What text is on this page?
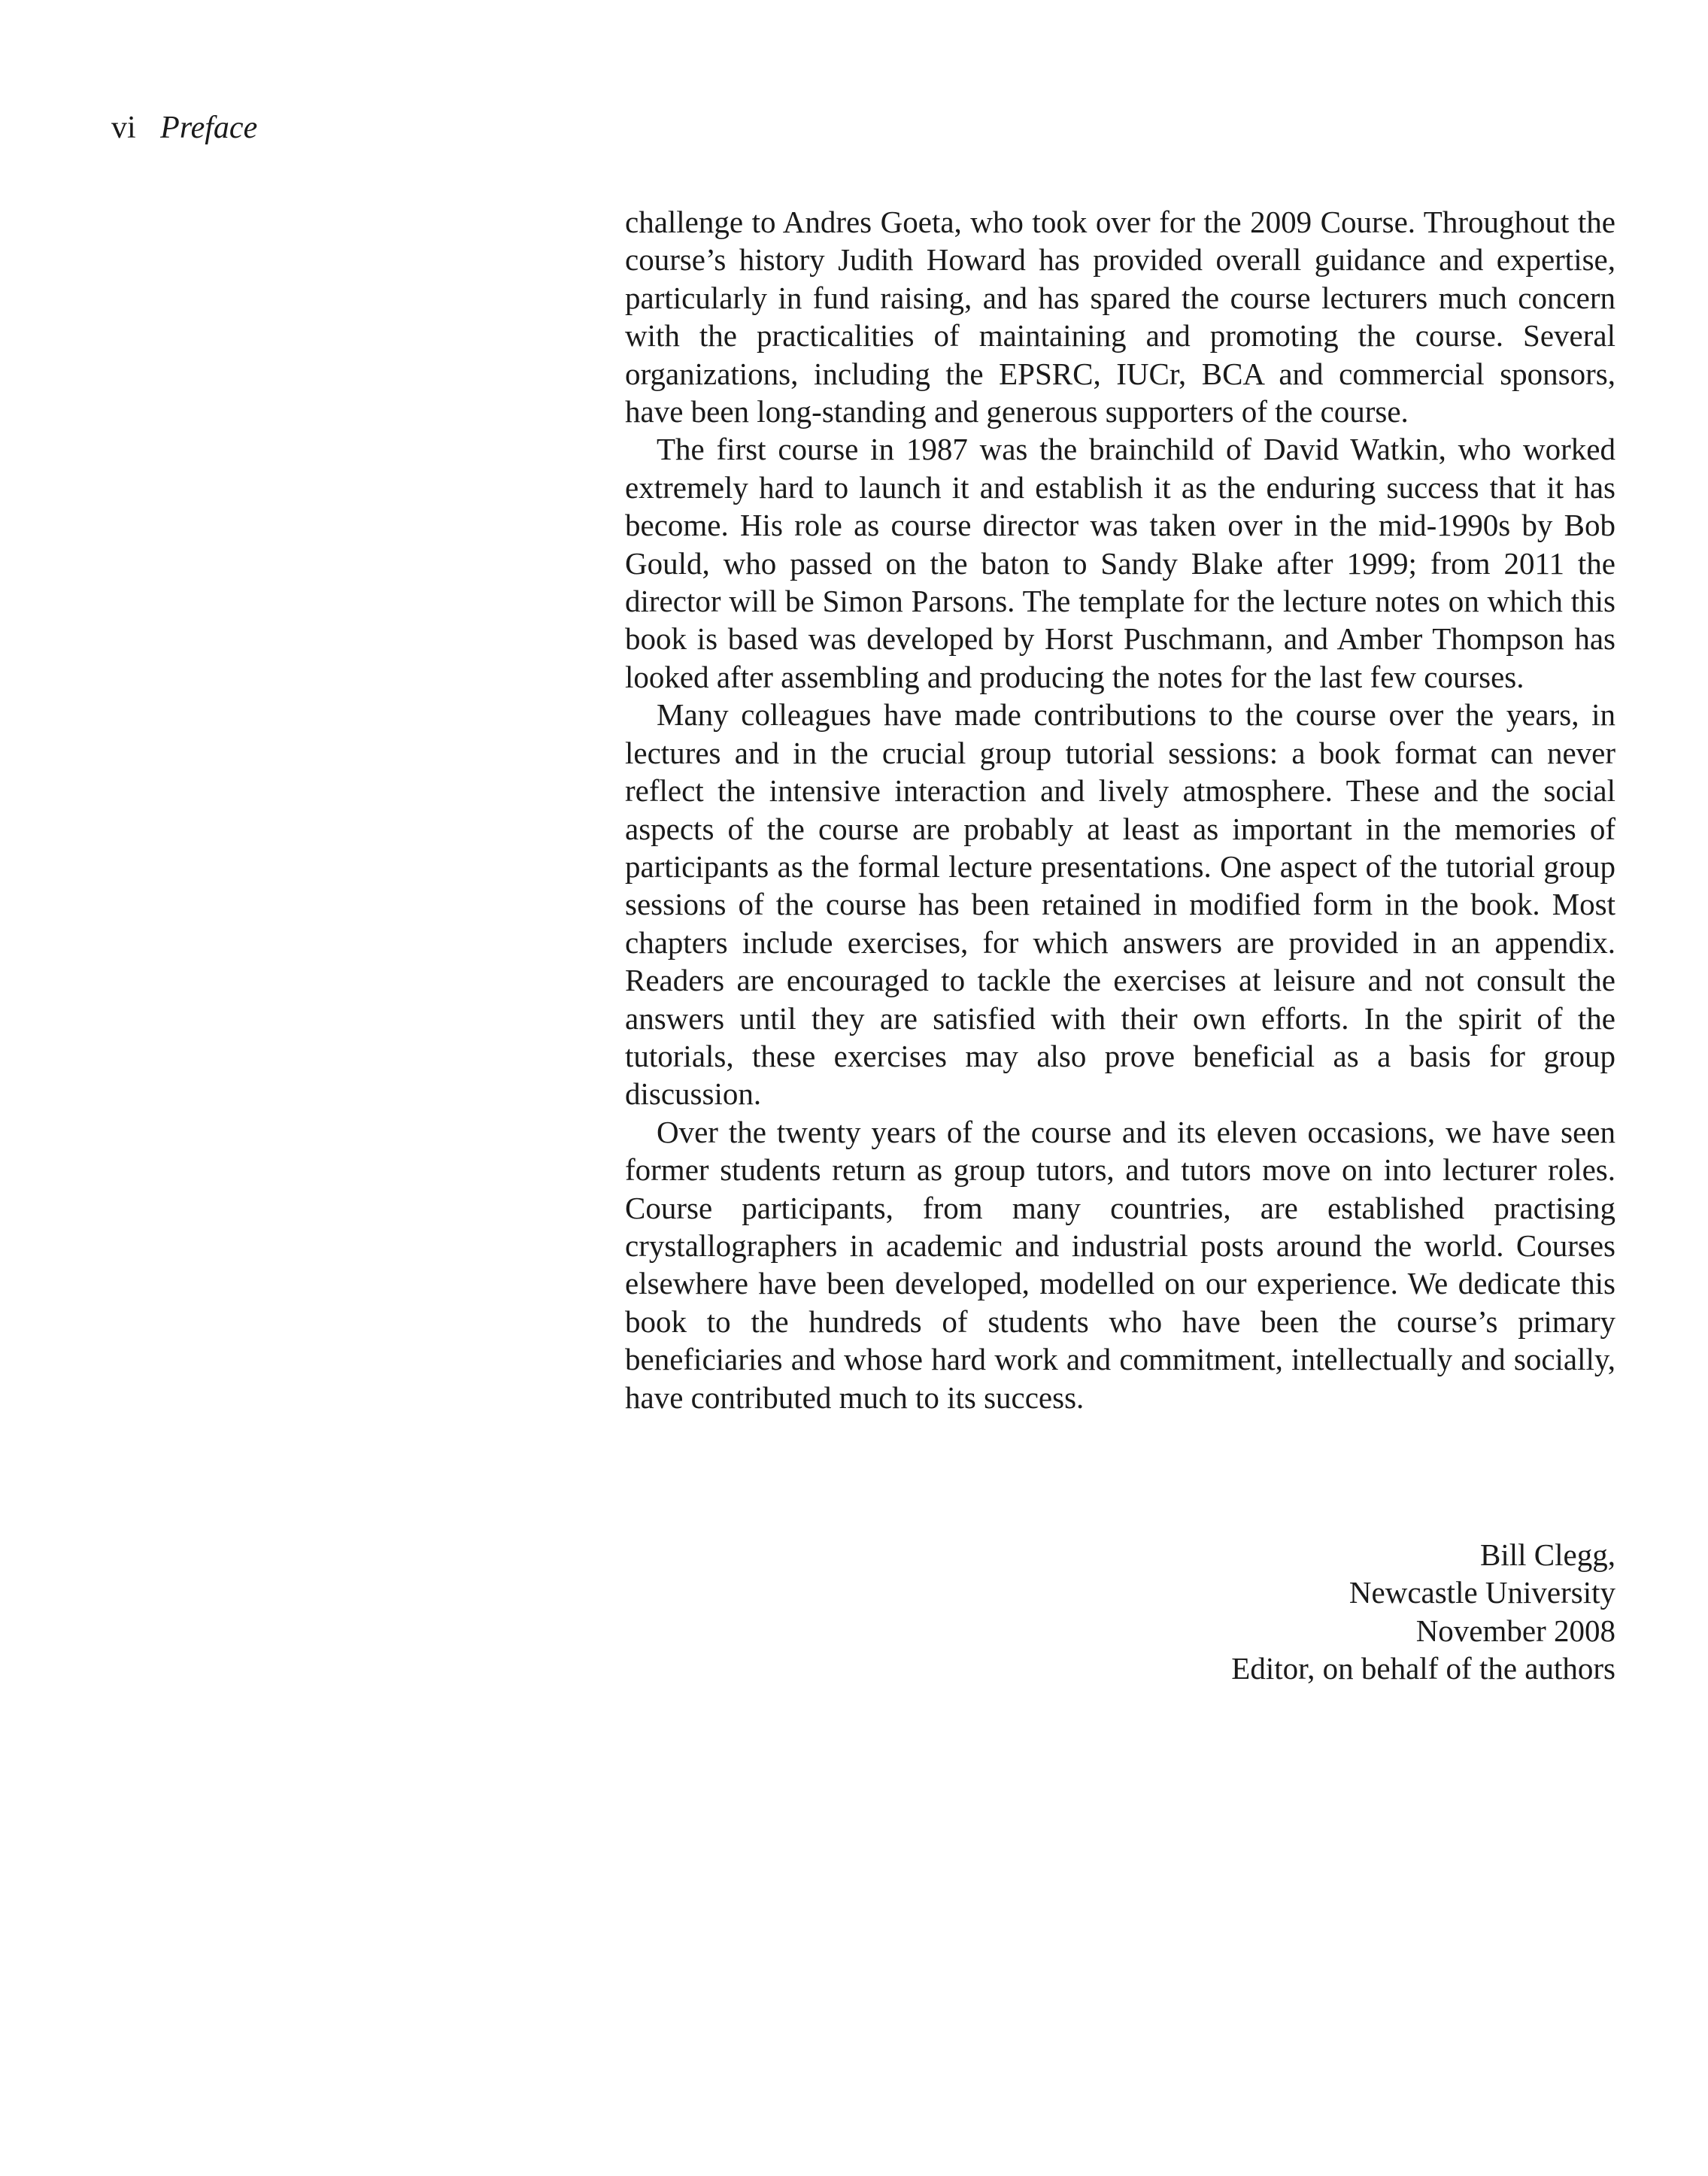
vi Preface

challenge to Andres Goeta, who took over for the 2009 Course. Throughout the course’s history Judith Howard has provided overall guidance and expertise, particularly in fund raising, and has spared the course lecturers much concern with the practicalities of maintaining and promoting the course. Several organizations, including the EPSRC, IUCr, BCA and commercial sponsors, have been long-standing and generous supporters of the course.

The first course in 1987 was the brainchild of David Watkin, who worked extremely hard to launch it and establish it as the enduring success that it has become. His role as course director was taken over in the mid-1990s by Bob Gould, who passed on the baton to Sandy Blake after 1999; from 2011 the director will be Simon Parsons. The template for the lecture notes on which this book is based was developed by Horst Puschmann, and Amber Thompson has looked after assembling and producing the notes for the last few courses.

Many colleagues have made contributions to the course over the years, in lectures and in the crucial group tutorial sessions: a book format can never reflect the intensive interaction and lively atmosphere. These and the social aspects of the course are probably at least as important in the memories of participants as the formal lecture presentations. One aspect of the tutorial group sessions of the course has been retained in modified form in the book. Most chapters include exercises, for which answers are provided in an appendix. Readers are encouraged to tackle the exercises at leisure and not consult the answers until they are satisfied with their own efforts. In the spirit of the tutorials, these exercises may also prove beneficial as a basis for group discussion.

Over the twenty years of the course and its eleven occasions, we have seen former students return as group tutors, and tutors move on into lecturer roles. Course participants, from many countries, are established practising crystallographers in academic and industrial posts around the world. Courses elsewhere have been developed, modelled on our experience. We dedicate this book to the hundreds of students who have been the course’s primary beneficiaries and whose hard work and commitment, intellectually and socially, have contributed much to its success.

Bill Clegg,
Newcastle University
November 2008
Editor, on behalf of the authors
